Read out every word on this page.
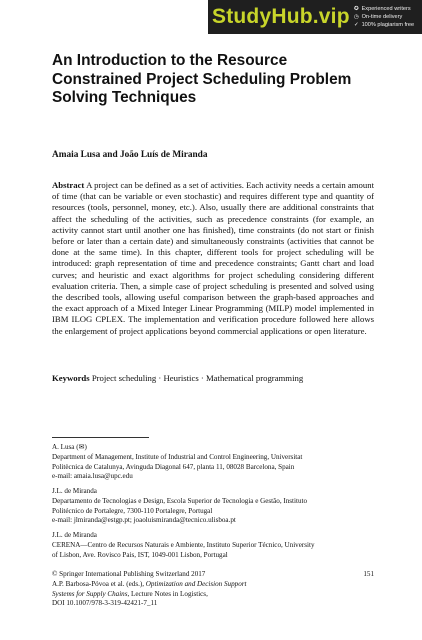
StudyHub.vip ✪ Experienced writers
◷ On-time delivery
✓ 100% plagiarism free
An Introduction to the Resource
Constrained Project Scheduling Problem
Solving Techniques
Amaia Lusa and João Luís de Miranda
Abstract A project can be defined as a set of activities. Each activity needs a certain amount of time (that can be variable or even stochastic) and requires different type and quantity of resources (tools, personnel, money, etc.). Also, usually there are additional constraints that affect the scheduling of the activities, such as precedence constraints (for example, an activity cannot start until another one has finished), time constraints (do not start or finish before or later than a certain date) and simultaneously constraints (activities that cannot be done at the same time). In this chapter, different tools for project scheduling will be introduced: graph representation of time and precedence constraints; Gantt chart and load curves; and heuristic and exact algorithms for project scheduling considering different evaluation criteria. Then, a simple case of project scheduling is presented and solved using the described tools, allowing useful comparison between the graph-based approaches and the exact approach of a Mixed Integer Linear Programming (MILP) model implemented in IBM ILOG CPLEX. The implementation and verification procedure followed here allows the enlargement of project applications beyond commercial applications or open literature.
Keywords Project scheduling · Heuristics · Mathematical programming
A. Lusa (✉)
Department of Management, Institute of Industrial and Control Engineering, Universitat
Politècnica de Catalunya, Avinguda Diagonal 647, planta 11, 08028 Barcelona, Spain
e-mail: amaia.lusa@upc.edu
J.L. de Miranda
Departamento de Tecnologias e Design, Escola Superior de Tecnologia e Gestão, Instituto
Politécnico de Portalegre, 7300-110 Portalegre, Portugal
e-mail: jlmiranda@estgp.pt; joaoluismiranda@tecnico.ulisboa.pt
J.L. de Miranda
CERENA—Centro de Recursos Naturais e Ambiente, Instituto Superior Técnico, University
of Lisbon, Ave. Rovisco Pais, IST, 1049-001 Lisbon, Portugal
© Springer International Publishing Switzerland 2017
A.P. Barbosa-Póvoa et al. (eds.), Optimization and Decision Support
Systems for Supply Chains, Lecture Notes in Logistics,
DOI 10.1007/978-3-319-42421-7_11
151
